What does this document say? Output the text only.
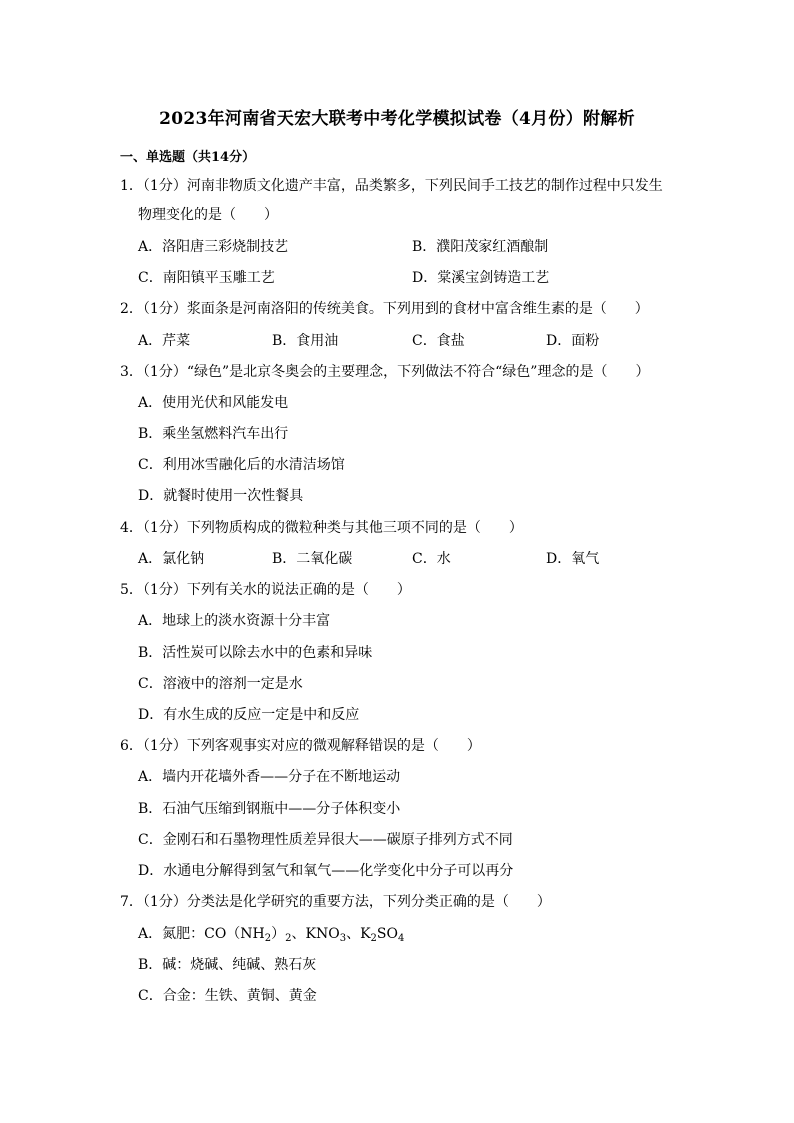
2023年河南省天宏大联考中考化学模拟试卷（4月份）附解析
一、单选题（共14分）
1．（1分）河南非物质文化遗产丰富，品类繁多，下列民间手工技艺的制作过程中只发生
物理变化的是（　　）
A．洛阳唐三彩烧制技艺	B．濮阳茂家红酒酿制
C．南阳镇平玉雕工艺	D．棠溪宝剑铸造工艺
2．（1分）浆面条是河南洛阳的传统美食。下列用到的食材中富含维生素的是（　　）
A．芹菜	B．食用油	C．食盐	D．面粉
3．（1分）“绿色”是北京冬奥会的主要理念，下列做法不符合“绿色”理念的是（　　）
A．使用光伏和风能发电
B．乘坐氢燃料汽车出行
C．利用冰雪融化后的水清洁场馆
D．就餐时使用一次性餐具
4．（1分）下列物质构成的微粒种类与其他三项不同的是（　　）
A．氯化钠	B．二氧化碳	C．水	D．氧气
5．（1分）下列有关水的说法正确的是（　　）
A．地球上的淡水资源十分丰富
B．活性炭可以除去水中的色素和异味
C．溶液中的溶剂一定是水
D．有水生成的反应一定是中和反应
6．（1分）下列客观事实对应的微观解释错误的是（　　）
A．墙内开花墙外香——分子在不断地运动
B．石油气压缩到钢瓶中——分子体积变小
C．金刚石和石墨物理性质差异很大——碳原子排列方式不同
D．水通电分解得到氢气和氧气——化学变化中分子可以再分
7．（1分）分类法是化学研究的重要方法，下列分类正确的是（　　）
A．氮肥：$CO(NH_2)_2$、$KNO_3$、$K_2SO_4$
B．碱：烧碱、纯碱、熟石灰
C．合金：生铁、黄铜、黄金
